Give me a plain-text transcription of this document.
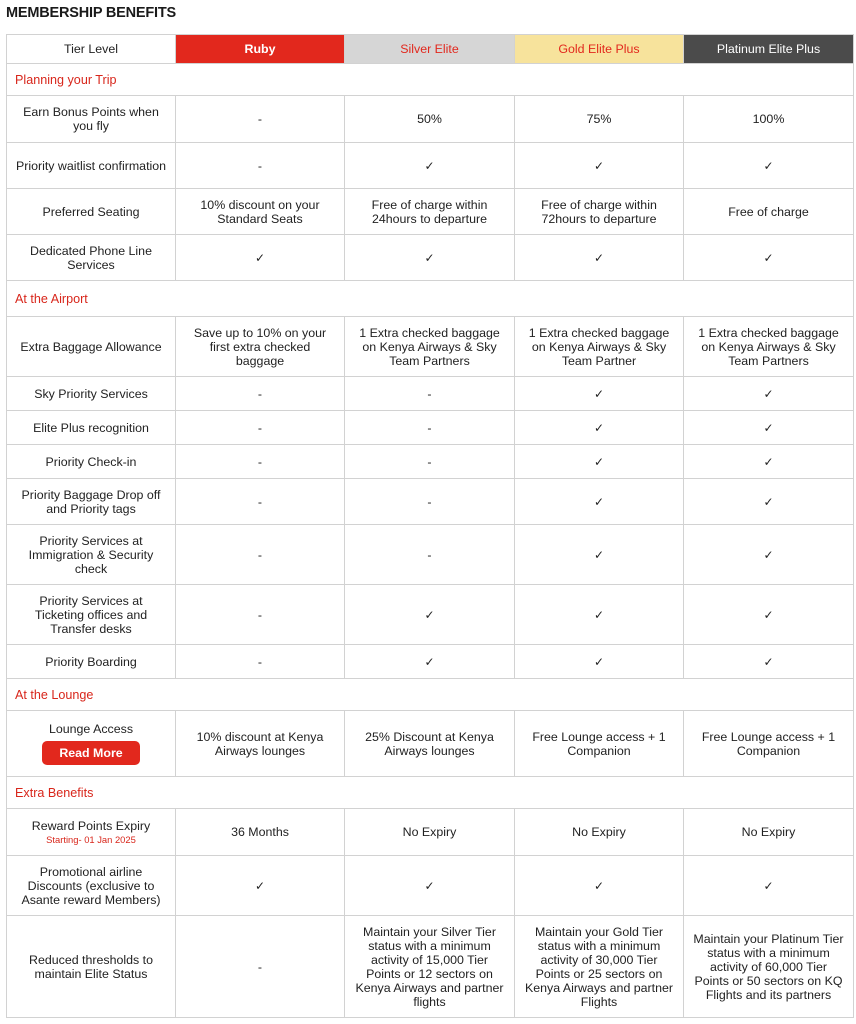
MEMBERSHIP BENEFITS
Tier Level	Ruby	Silver Elite	Gold Elite Plus	Platinum Elite Plus
Planning your Trip				
Earn Bonus Points when you fly	-	50%	75%	100%
Priority waitlist confirmation	-	✓	✓	✓
Preferred Seating	10% discount on your Standard Seats	Free of charge within 24hours to departure	Free of charge within 72hours to departure	Free of charge
Dedicated Phone Line Services	✓	✓	✓	✓
At the Airport				
Extra Baggage Allowance	Save up to 10% on your first extra checked baggage	1 Extra checked baggage on Kenya Airways & Sky Team Partners	1 Extra checked baggage on Kenya Airways & Sky Team Partner	1 Extra checked baggage on Kenya Airways & Sky Team Partners
Sky Priority Services	-	-	✓	✓
Elite Plus recognition	-	-	✓	✓
Priority Check-in	-	-	✓	✓
Priority Baggage Drop off and Priority tags	-	-	✓	✓
Priority Services at Immigration & Security check	-	-	✓	✓
Priority Services at Ticketing offices and Transfer desks	-	✓	✓	✓
Priority Boarding	-	✓	✓	✓
At the Lounge				
Lounge Access
Read More	10% discount at Kenya Airways lounges	25% Discount at Kenya Airways lounges	Free Lounge access + 1 Companion	Free Lounge access + 1 Companion
Extra Benefits				
Reward Points Expiry
Starting- 01 Jan 2025	36 Months	No Expiry	No Expiry	No Expiry
Promotional airline Discounts (exclusive to Asante reward Members)	✓	✓	✓	✓
Reduced thresholds to maintain Elite Status	-	Maintain your Silver Tier status with a minimum activity of 15,000 Tier Points or 12 sectors on Kenya Airways and partner flights	Maintain your Gold Tier status with a minimum activity of 30,000 Tier Points or 25 sectors on Kenya Airways and partner Flights	Maintain your Platinum Tier status with a minimum activity of 60,000 Tier Points or 50 sectors on KQ Flights and its partners
